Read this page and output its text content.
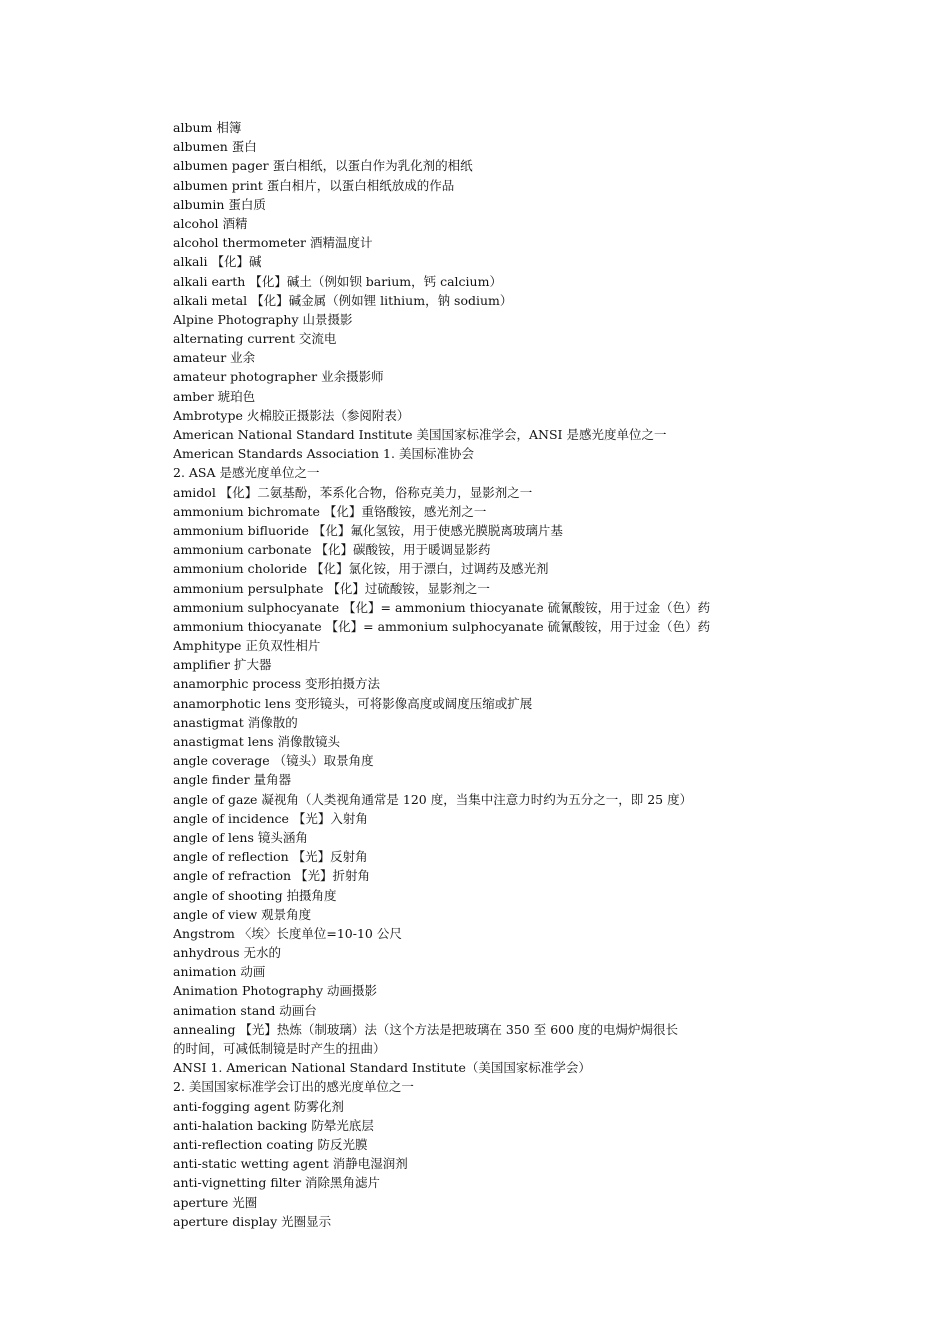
album 相簿
albumen 蛋白
albumen pager 蛋白相纸，以蛋白作为乳化剂的相纸
albumen print 蛋白相片，以蛋白相纸放成的作品
albumin 蛋白质
alcohol 酒精
alcohol thermometer 酒精温度计
alkali 【化】碱
alkali earth 【化】碱土（例如钡 barium，钙 calcium）
alkali metal 【化】碱金属（例如锂 lithium，钠 sodium）
Alpine Photography 山景摄影
alternating current 交流电
amateur 业余
amateur photographer 业余摄影师
amber 琥珀色
Ambrotype 火棉胶正摄影法（参阅附表）
American National Standard Institute 美国国家标准学会，ANSI 是感光度单位之一
American Standards Association 1. 美国标准协会
2. ASA 是感光度单位之一
amidol 【化】二氨基酚，苯系化合物，俗称克美力，显影剂之一
ammonium bichromate 【化】重铬酸铵，感光剂之一
ammonium bifluoride 【化】氟化氢铵，用于使感光膜脱离玻璃片基
ammonium carbonate 【化】碳酸铵，用于暖调显影药
ammonium choloride 【化】氯化铵，用于漂白，过调药及感光剂
ammonium persulphate 【化】过硫酸铵，显影剂之一
ammonium sulphocyanate 【化】= ammonium thiocyanate 硫氰酸铵，用于过金（色）药
ammonium thiocyanate 【化】= ammonium sulphocyanate 硫氰酸铵，用于过金（色）药
Amphitype 正负双性相片
amplifier 扩大器
anamorphic process 变形拍摄方法
anamorphotic lens 变形镜头，可将影像高度或阔度压缩或扩展
anastigmat 消像散的
anastigmat lens 消像散镜头
angle coverage （镜头）取景角度
angle finder 量角器
angle of gaze 凝视角（人类视角通常是 120 度，当集中注意力时约为五分之一，即 25 度）
angle of incidence 【光】入射角
angle of lens 镜头涵角
angle of reflection 【光】反射角
angle of refraction 【光】折射角
angle of shooting 拍摄角度
angle of view 观景角度
Angstrom 〈埃〉长度单位=10-10 公尺
anhydrous 无水的
animation 动画
Animation Photography 动画摄影
animation stand 动画台
annealing 【光】热炼（制玻璃）法（这个方法是把玻璃在 350 至 600 度的电焗炉焗很长
的时间，可减低制镜是时产生的扭曲）
ANSI 1. American National Standard Institute（美国国家标准学会）
2. 美国国家标准学会订出的感光度单位之一
anti-fogging agent 防雾化剂
anti-halation backing 防晕光底层
anti-reflection coating 防反光膜
anti-static wetting agent 消静电湿润剂
anti-vignetting filter 消除黑角滤片
aperture 光圈
aperture display 光圈显示
